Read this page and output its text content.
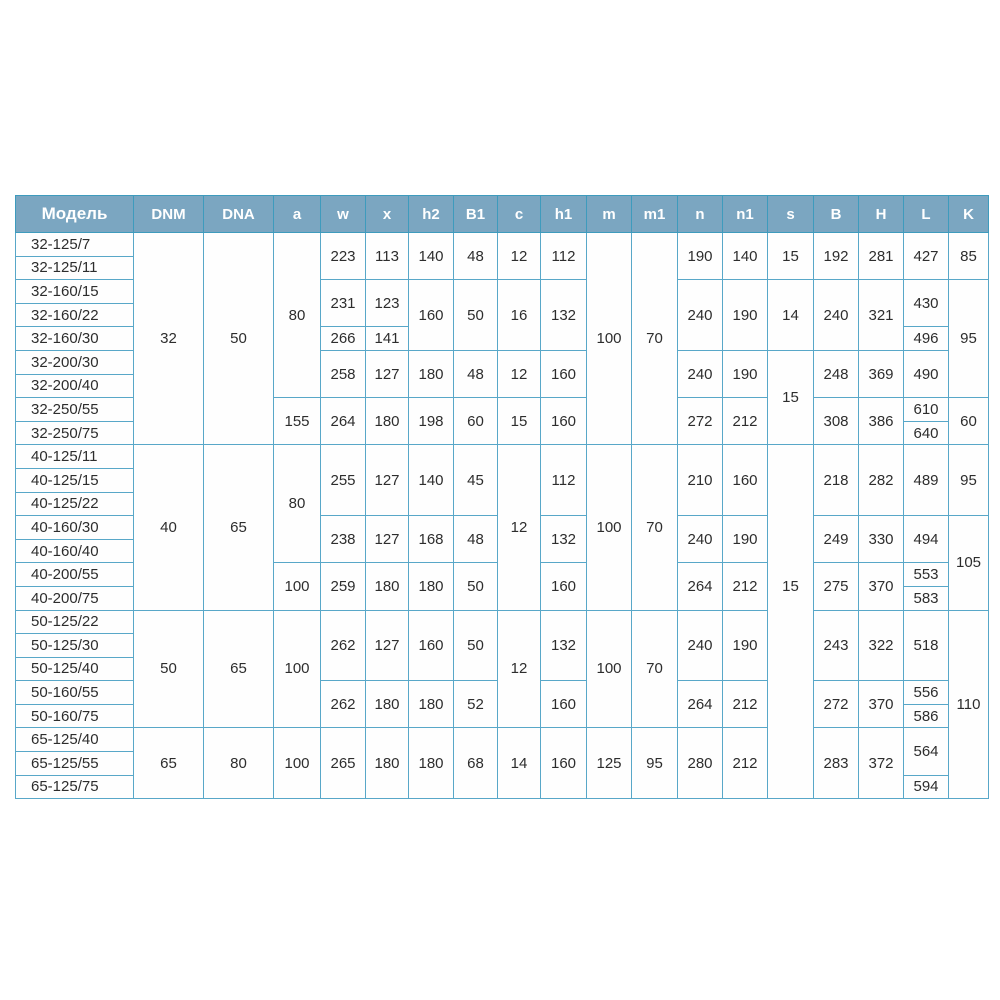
Модель	DNM	DNA	a	w	x	h2	B1	c	h1	m	m1	n	n1	s	B	H	L	K
32-125/7	32	50	80	223	113	140	48	12	112	100	70	190	140	15	192	281	427	85
32-125/11																		
32-160/15				231	123	160	50	16	132			240	190	14	240	321	430	95
32-160/22																		
32-160/30				266	141												496	
32-200/30				258	127	180	48	12	160			240	190	15	248	369	490	
32-200/40																		
32-250/55			155	264	180	198	60	15	160			272	212		308	386	610	60
32-250/75																	640	
40-125/11	40	65	80	255	127	140	45	12	112	100	70	210	160	15	218	282	489	95
40-125/15																		
40-125/22																		
40-160/30				238	127	168	48		132			240	190		249	330	494	105
40-160/40																		
40-200/55			100	259	180	180	50		160			264	212		275	370	553	
40-200/75																	583	
50-125/22	50	65	100	262	127	160	50	12	132	100	70	240	190		243	322	518	110
50-125/30																		
50-125/40																		
50-160/55				262	180	180	52		160			264	212		272	370	556	
50-160/75																	586	
65-125/40	65	80	100	265	180	180	68	14	160	125	95	280	212		283	372	564	
65-125/55																		
65-125/75																	594	
